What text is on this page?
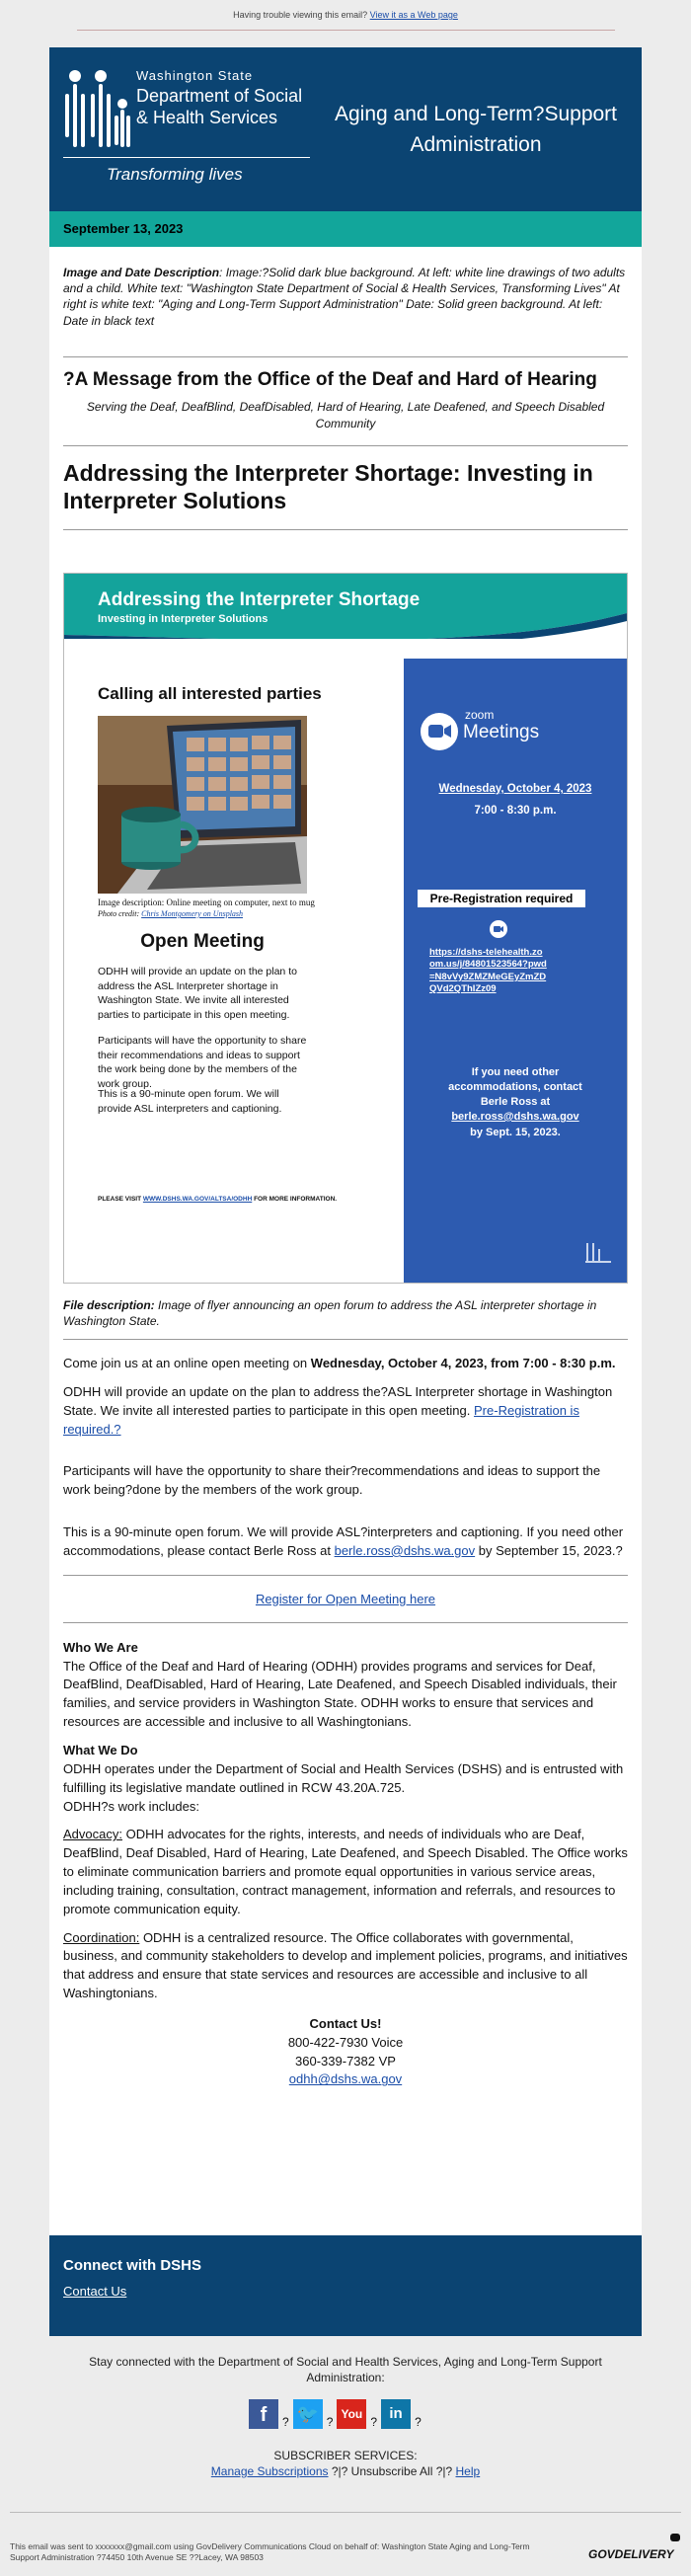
Having trouble viewing this email? View it as a Web page
Washington State
Department of Social
& Health Services
Transforming lives
Aging and Long-Term?Support Administration
September 13, 2023
Image and Date Description: Image:?Solid dark blue background. At left: white line drawings of two adults and a child. White text: "Washington State Department of Social & Health Services, Transforming Lives" At right is white text: "Aging and Long-Term Support Administration" Date: Solid green background. At left: Date in black text
?A Message from the Office of the Deaf and Hard of Hearing
Serving the Deaf, DeafBlind, DeafDisabled, Hard of Hearing, Late Deafened, and Speech Disabled Community
Addressing the Interpreter Shortage: Investing in Interpreter Solutions
Addressing the Interpreter Shortage
Investing in Interpreter Solutions
Calling all interested parties
Image description: Online meeting on computer, next to mug
Photo credit: Chris Montgomery on Unsplash
Open Meeting
ODHH will provide an update on the plan to address the ASL Interpreter shortage in Washington State. We invite all interested parties to participate in this open meeting.
Participants will have the opportunity to share their recommendations and ideas to support the work being done by the members of the work group.
This is a 90-minute open forum. We will provide ASL interpreters and captioning.
PLEASE VISIT WWW.DSHS.WA.GOV/ALTSA/ODHH FOR MORE INFORMATION.
zoom
Meetings
Wednesday, October 4, 2023
7:00 - 8:30 p.m.
Pre-Registration required
https://dshs-telehealth.zoom.us/j/84801523564?pwd=N8vVy9ZMZMeGEyZmZDQVd2QThIZz09
If you need other accommodations, contact Berle Ross at
berle.ross@dshs.wa.gov
by Sept. 15, 2023.
File description: Image of flyer announcing an open forum to address the ASL interpreter shortage in Washington State.
Come join us at an online open meeting on Wednesday, October 4, 2023, from 7:00 - 8:30 p.m.
ODHH will provide an update on the plan to address the?ASL Interpreter shortage in Washington State. We invite all interested parties to participate in this open meeting. Pre-Registration is required.?
Participants will have the opportunity to share their?recommendations and ideas to support the work being?done by the members of the work group.
This is a 90-minute open forum. We will provide ASL?interpreters and captioning. If you need other accommodations, please contact Berle Ross at berle.ross@dshs.wa.gov by September 15, 2023.?
Register for Open Meeting here
Who We Are
The Office of the Deaf and Hard of Hearing (ODHH) provides programs and services for Deaf, DeafBlind, DeafDisabled, Hard of Hearing, Late Deafened, and Speech Disabled individuals, their families, and service providers in Washington State. ODHH works to ensure that services and resources are accessible and inclusive to all Washingtonians.
What We Do
ODHH operates under the Department of Social and Health Services (DSHS) and is entrusted with fulfilling its legislative mandate outlined in RCW 43.20A.725.
ODHH?s work includes:
Advocacy: ODHH advocates for the rights, interests, and needs of individuals who are Deaf, DeafBlind, Deaf Disabled, Hard of Hearing, Late Deafened, and Speech Disabled. The Office works to eliminate communication barriers and promote equal opportunities in various service areas, including training, consultation, contract management, information and referrals, and resources to promote communication equity.
Coordination: ODHH is a centralized resource. The Office collaborates with governmental, business, and community stakeholders to develop and implement policies, programs, and initiatives that address and ensure that state services and resources are accessible and inclusive to all Washingtonians.
Contact Us!
800-422-7930 Voice
360-339-7382 VP
odhh@dshs.wa.gov
Connect with DSHS
Contact Us
Stay connected with the Department of Social and Health Services, Aging and Long-Term Support Administration:
f	? 🐦 ?
You
? in	?
SUBSCRIBER SERVICES:
Manage Subscriptions ?|? Unsubscribe All ?|? Help
This email was sent to xxxxxxx@gmail.com using GovDelivery Communications Cloud on behalf of: Washington State Aging and Long-Term Support Administration ?74450 10th Avenue SE ??Lacey, WA 98503	GOVDELIVERY
